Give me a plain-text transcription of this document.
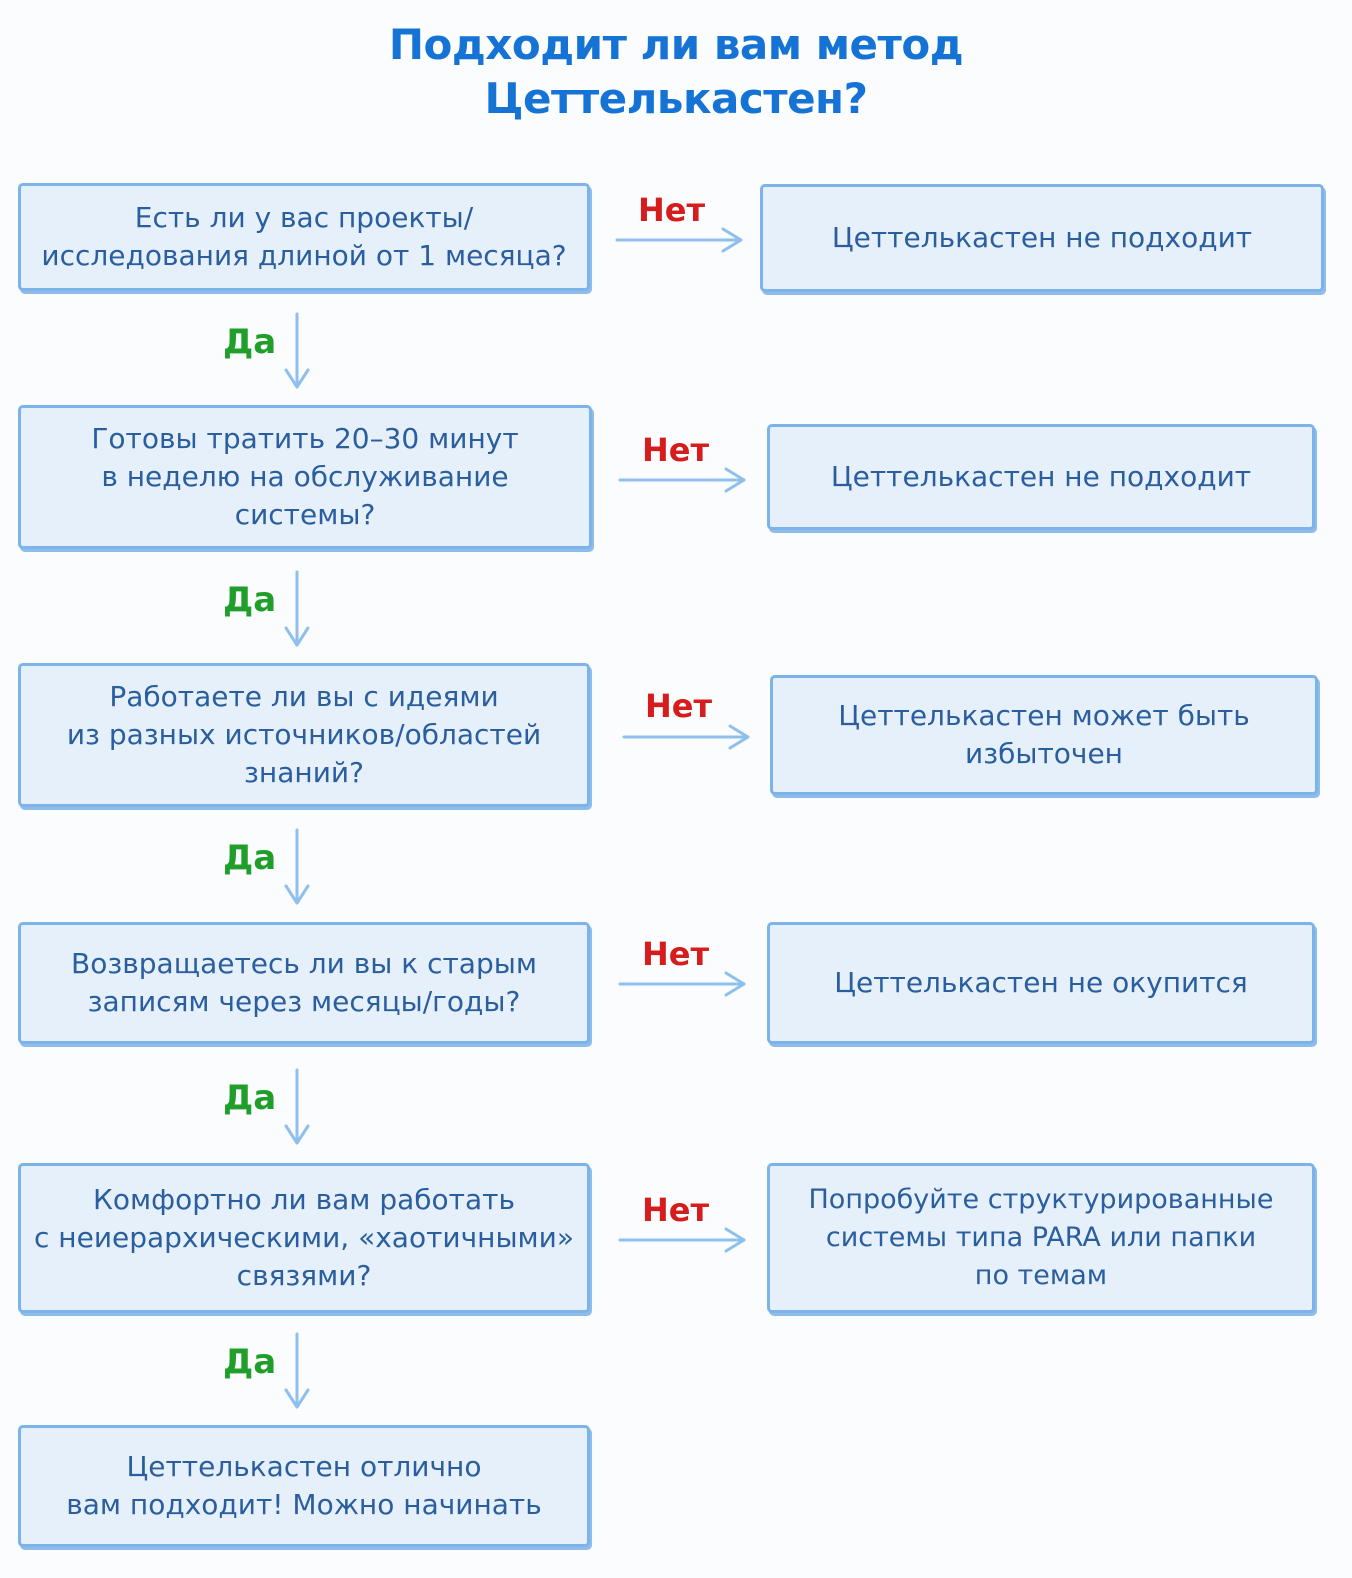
Подходит ли вам метод
Цеттелькастен?
Есть ли у вас проекты/
исследования длиной от 1 месяца?
Нет
Цеттелькастен не подходит
Да
Готовы тратить 20–30 минут
в неделю на обслуживание
системы?
Нет
Цеттелькастен не подходит
Да
Работаете ли вы с идеями
из разных источников/областей
знаний?
Нет	Цеттелькастен может быть
избыточен
Да
Возвращаетесь ли вы к старым
записям через месяцы/годы?
Нет
Цеттелькастен не окупится
Да
Комфортно ли вам работать
с неиерархическими, «хаотичными»
связями?
Нет	Попробуйте структурированные
системы типа PARA или папки
по темам
Да
Цеттелькастен отлично
вам подходит! Можно начинать
